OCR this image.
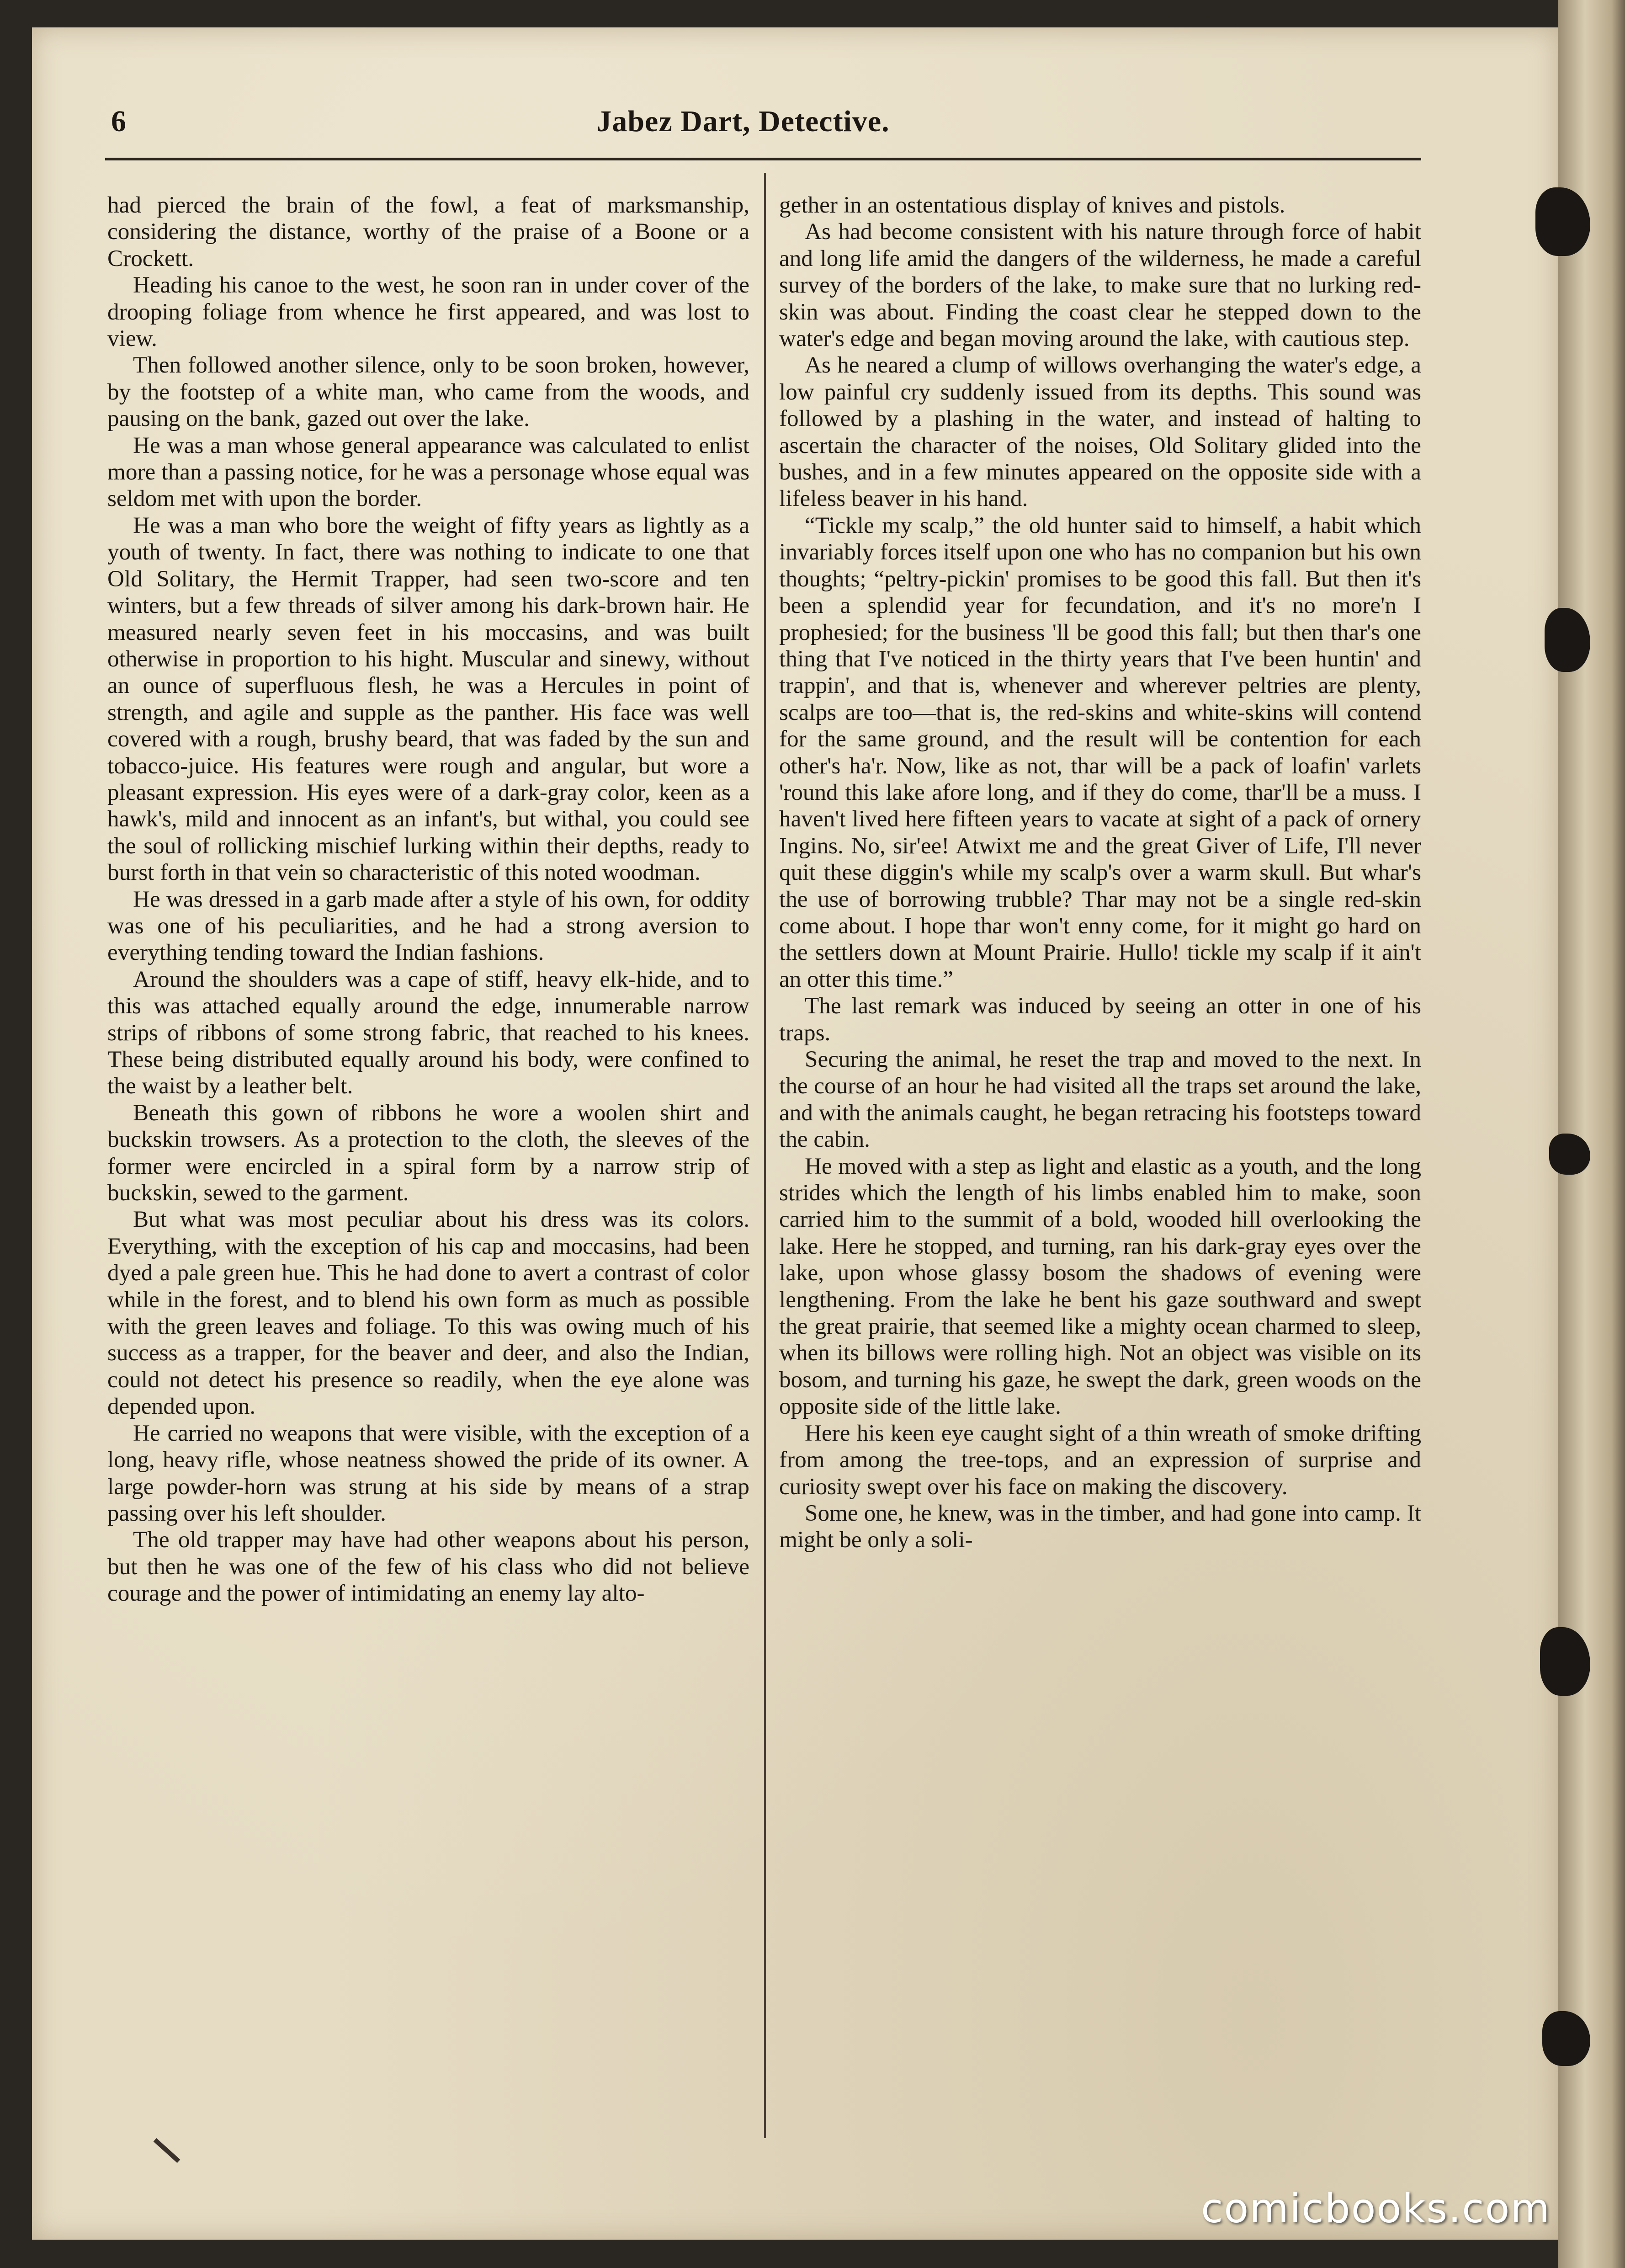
6	Jabez Dart, Detective.

had pierced the brain of the fowl, a feat of marksmanship, considering the distance, worthy of the praise of a Boone or a Crockett.

Heading his canoe to the west, he soon ran in under cover of the drooping foliage from whence he first appeared, and was lost to view.

Then followed another silence, only to be soon broken, however, by the footstep of a white man, who came from the woods, and pausing on the bank, gazed out over the lake.

He was a man whose general appearance was calculated to enlist more than a passing notice, for he was a personage whose equal was seldom met with upon the border.

He was a man who bore the weight of fifty years as lightly as a youth of twenty. In fact, there was nothing to indicate to one that Old Solitary, the Hermit Trapper, had seen two-score and ten winters, but a few threads of silver among his dark-brown hair. He measured nearly seven feet in his moccasins, and was built otherwise in proportion to his hight. Muscular and sinewy, without an ounce of superfluous flesh, he was a Hercules in point of strength, and agile and supple as the panther. His face was well covered with a rough, brushy beard, that was faded by the sun and tobacco-juice. His features were rough and angular, but wore a pleasant expression. His eyes were of a dark-gray color, keen as a hawk's, mild and innocent as an infant's, but withal, you could see the soul of rollicking mischief lurking within their depths, ready to burst forth in that vein so characteristic of this noted woodman.

He was dressed in a garb made after a style of his own, for oddity was one of his peculiarities, and he had a strong aversion to everything tending toward the Indian fashions.

Around the shoulders was a cape of stiff, heavy elk-hide, and to this was attached equally around the edge, innumerable narrow strips of ribbons of some strong fabric, that reached to his knees. These being distributed equally around his body, were confined to the waist by a leather belt.

Beneath this gown of ribbons he wore a woolen shirt and buckskin trowsers. As a protection to the cloth, the sleeves of the former were encircled in a spiral form by a narrow strip of buckskin, sewed to the garment.

But what was most peculiar about his dress was its colors. Everything, with the exception of his cap and moccasins, had been dyed a pale green hue. This he had done to avert a contrast of color while in the forest, and to blend his own form as much as possible with the green leaves and foliage. To this was owing much of his success as a trapper, for the beaver and deer, and also the Indian, could not detect his presence so readily, when the eye alone was depended upon.

He carried no weapons that were visible, with the exception of a long, heavy rifle, whose neatness showed the pride of its owner. A large powder-horn was strung at his side by means of a strap passing over his left shoulder.

The old trapper may have had other weapons about his person, but then he was one of the few of his class who did not believe courage and the power of intimidating an enemy lay alto-

gether in an ostentatious display of knives and pistols.

As had become consistent with his nature through force of habit and long life amid the dangers of the wilderness, he made a careful survey of the borders of the lake, to make sure that no lurking red-skin was about. Finding the coast clear he stepped down to the water's edge and began moving around the lake, with cautious step.

As he neared a clump of willows overhanging the water's edge, a low painful cry suddenly issued from its depths. This sound was followed by a plashing in the water, and instead of halting to ascertain the character of the noises, Old Solitary glided into the bushes, and in a few minutes appeared on the opposite side with a lifeless beaver in his hand.

“Tickle my scalp,” the old hunter said to himself, a habit which invariably forces itself upon one who has no companion but his own thoughts; “peltry-pickin' promises to be good this fall. But then it's been a splendid year for fecundation, and it's no more'n I prophesied; for the business 'll be good this fall; but then thar's one thing that I've noticed in the thirty years that I've been huntin' and trappin', and that is, whenever and wherever peltries are plenty, scalps are too—that is, the red-skins and white-skins will contend for the same ground, and the result will be contention for each other's ha'r. Now, like as not, thar will be a pack of loafin' varlets 'round this lake afore long, and if they do come, thar'll be a muss. I haven't lived here fifteen years to vacate at sight of a pack of ornery Ingins. No, sir'ee! Atwixt me and the great Giver of Life, I'll never quit these diggin's while my scalp's over a warm skull. But whar's the use of borrowing trubble? Thar may not be a single red-skin come about. I hope thar won't enny come, for it might go hard on the settlers down at Mount Prairie. Hullo! tickle my scalp if it ain't an otter this time.”

The last remark was induced by seeing an otter in one of his traps.

Securing the animal, he reset the trap and moved to the next. In the course of an hour he had visited all the traps set around the lake, and with the animals caught, he began retracing his footsteps toward the cabin.

He moved with a step as light and elastic as a youth, and the long strides which the length of his limbs enabled him to make, soon carried him to the summit of a bold, wooded hill overlooking the lake. Here he stopped, and turning, ran his dark-gray eyes over the lake, upon whose glassy bosom the shadows of evening were lengthening. From the lake he bent his gaze southward and swept the great prairie, that seemed like a mighty ocean charmed to sleep, when its billows were rolling high. Not an object was visible on its bosom, and turning his gaze, he swept the dark, green woods on the opposite side of the little lake.

Here his keen eye caught sight of a thin wreath of smoke drifting from among the tree-tops, and an expression of surprise and curiosity swept over his face on making the discovery.

Some one, he knew, was in the timber, and had gone into camp. It might be only a soli-

comicbooks.com
